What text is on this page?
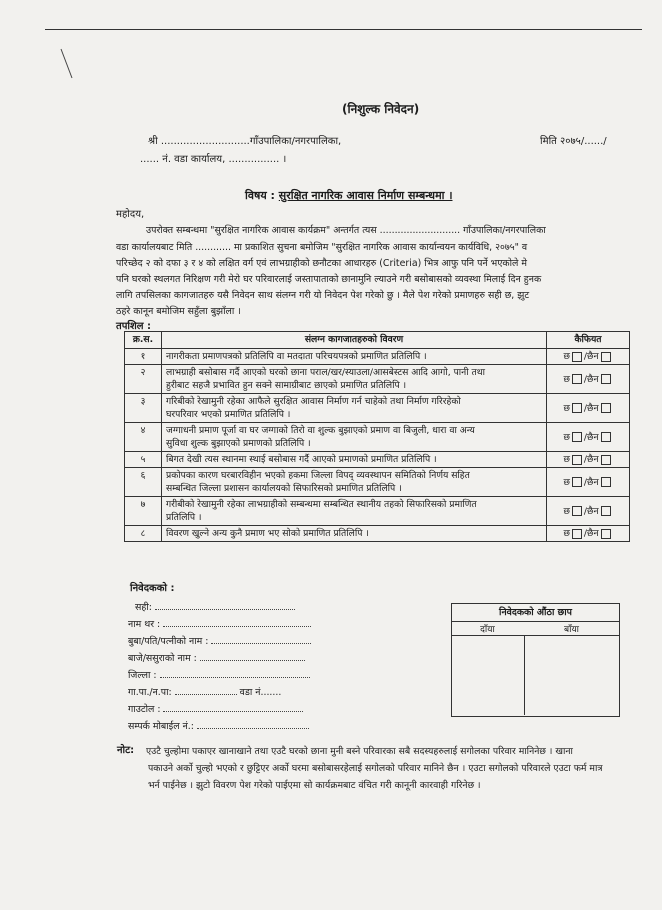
(निशुल्क निवेदन)
श्री ............................गाँउपालिका/नगरपालिका,
...... नं. वडा कार्यालय, ................ ।
मिति २०७५/....../
विषय : सुरक्षित नागरिक आवास निर्माण सम्बन्धमा ।
महोदय,
उपरोक्त सम्बन्धमा "सुरक्षित नागरिक आवास कार्यक्रम" अन्तर्गत त्यस ........................... गाँउपालिका/नगरपालिका
वडा कार्यालयबाट मिति ............ मा प्रकाशित सुचना बमोजिम "सुरक्षित नागरिक आवास कार्यान्वयन कार्यविधि, २०७५" व
परिच्छेद २ को दफा ३ र ४ को लक्षित वर्ग एवं लाभग्राहीको छनौटका आधारहरु (Criteria) भित्र आफु पनि पर्ने भएकोले मे
पनि घरको स्थलगत निरिक्षण गरी मेरो घर परिवारलाई जस्तापाताको छानामुनि ल्याउने गरी बसोबासको व्यवस्था मिलाई दिन हुनक
लागि तपसिलका कागजातहरु यसै निवेदन साथ संलग्न गरी यो निवेदन पेश गरेको छु । मैले पेश गरेको प्रमाणहरु सही छ, झुट
ठहरे कानून बमोजिम सहुँला बुझाँला ।
तपशिल :
क्र.स.	संलग्न कागजातहरुको विवरण	कैफियत
१	नागरीकता प्रमाणपत्रको प्रतिलिपि वा मतदाता परिचयपत्रको प्रमाणित प्रतिलिपि ।	छ /छैन
२	लाभग्राही बसोबास गर्दै आएको घरको छाना पराल/खर/स्याउला/आसबेस्टस आदि आगो, पानी तथा
हुरीबाट सहजै प्रभावित हुन सक्ने सामाग्रीबाट छाएको प्रमाणित प्रतिलिपि ।	छ /छैन
३	गरिबीको रेखामुनी रहेका आफैले सुरक्षित आवास निर्माण गर्न चाहेको तथा निर्माण गरिरहेको
घरपरिवार भएको प्रमाणित प्रतिलिपि ।	छ /छैन
४	जग्गाधनी प्रमाण पूर्जा वा घर जग्गाको तिरो वा शुल्क बुझाएको प्रमाण वा बिजुली, धारा वा अन्य
सुविधा शुल्क बुझाएको प्रमाणको प्रतिलिपि ।	छ /छैन
५	बिगत देखी त्यस स्थानमा स्थाई बसोबास गर्दै आएको प्रमाणको प्रमाणित प्रतिलिपि ।	छ /छैन
६	प्रकोपका कारण घरबारविहीन भएको हकमा जिल्ला विपद् व्यवस्थापन समितिको निर्णय सहित
सम्बन्धित जिल्ला प्रशासन कार्यालयको सिफारिसको प्रमाणित प्रतिलिपि ।	छ /छैन
७	गरीबीको रेखामुनी रहेका लाभग्राहीको सम्बन्धमा सम्बन्धित स्थानीय तहको सिफारिसको प्रमाणित
प्रतिलिपि ।	छ /छैन
८	विवरण खुल्ने अन्य कुनै प्रमाण भए सोको प्रमाणित प्रतिलिपि ।	छ /छैन
निवेदकको :
सही:
नाम थर :
बुबा/पति/पत्नीको नाम :
बाजे/ससुराको नाम :
जिल्ला :
गा.पा./न.पा:	वडा नं.......
गाउटोल :
सम्पर्क मोबाईल नं.:
निवेदकको औंठा छाप
दाँया	बाँया
नोट: एउटै चुल्होमा पकाएर खानाखाने तथा एउटै घरको छाना मुनी बस्ने परिवारका सबै सदस्यहरुलाई सगोलका परिवार मानिनेछ । खाना
पकाउने अर्को चुल्हो भएको र छुट्टिएर अर्को घरमा बसोबासरहेलाई सगोलको परिवार मानिने छैन । एउटा सगोलको परिवारले एउटा फर्म मात्र
भर्न पाईनेछ । झुटो विवरण पेश गरेको पाईएमा सो कार्यक्रमबाट वंचित गरी कानूनी कारवाही गरिनेछ ।
